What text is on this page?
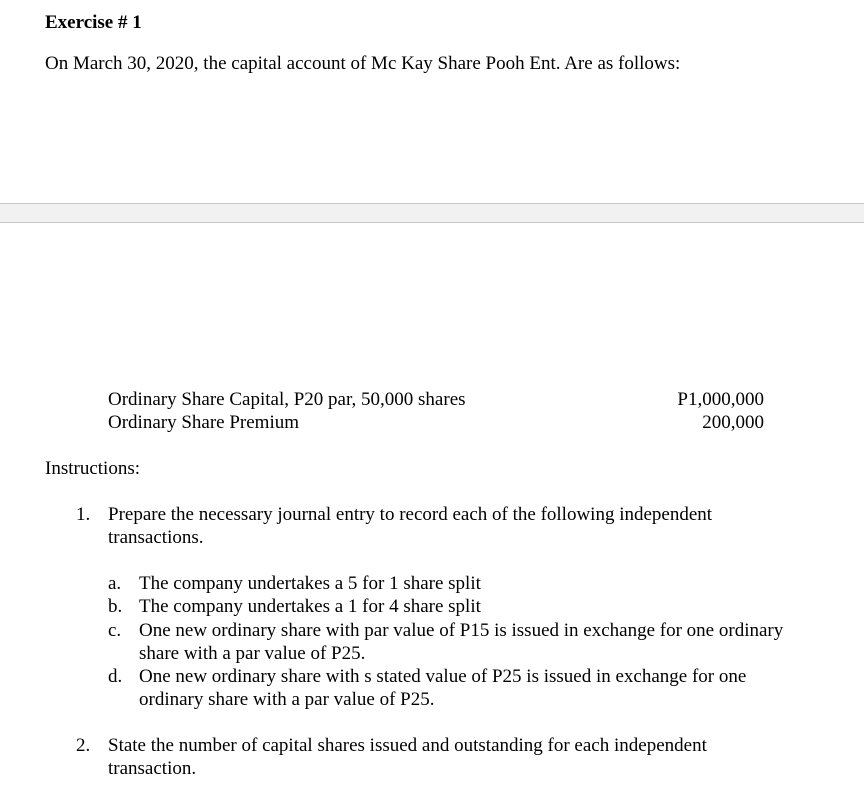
Exercise # 1
On March 30, 2020, the capital account of Mc Kay Share Pooh Ent. Are as follows:
Ordinary Share Capital, P20 par, 50,000 shares	P1,000,000
Ordinary Share Premium	200,000
Instructions:
1. Prepare the necessary journal entry to record each of the following independent
transactions.
a. The company undertakes a 5 for 1 share split
b. The company undertakes a 1 for 4 share split
c. One new ordinary share with par value of P15 is issued in exchange for one ordinary
share with a par value of P25.
d. One new ordinary share with s stated value of P25 is issued in exchange for one
ordinary share with a par value of P25.
2. State the number of capital shares issued and outstanding for each independent
transaction.
